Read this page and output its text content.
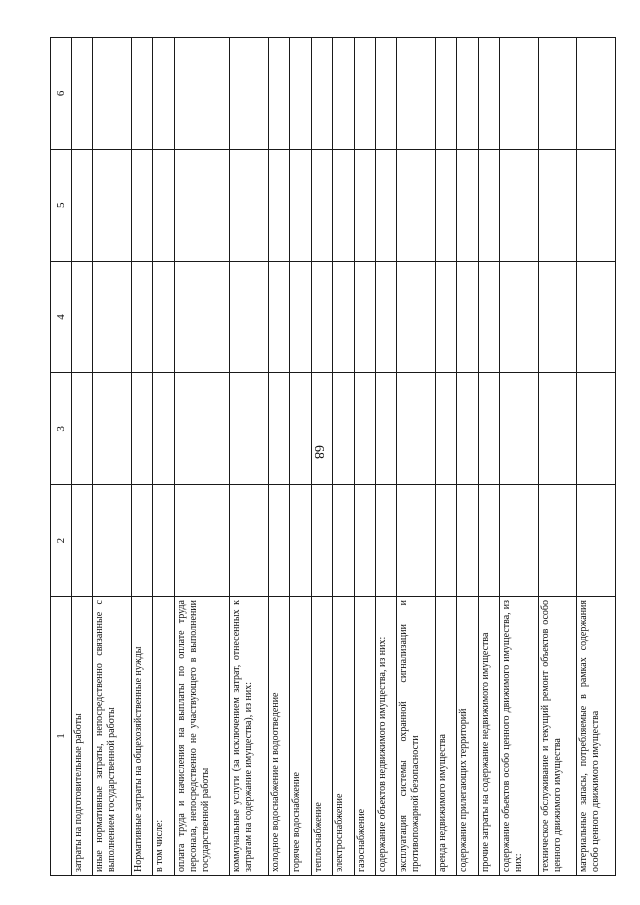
68
1	2	3	4	5	6
затраты на подготовительные работы					
иные нормативные затраты, непосредственно связанные с выполнением государственной работы					
Нормативные затраты на общехозяйственные нужды					
в том числе:					
оплата труда и начисления на выплаты по оплате труда персонала, непосредственно не участвующего в выполнении государственной работы					
коммунальные услуги (за исключением затрат, отнесенных к затратам на содержание имущества), из них:					
холодное водоснабжение и водоотведение					
горячее водоснабжение					
теплоснабжение					
электроснабжение					
газоснабжение					
содержание объектов недвижимого имущества, из них:					
эксплуатация системы охранной сигнализации и противопожарной безопасности					
аренда недвижимого имущества					
содержание прилегающих территорий					
прочие затраты на содержание недвижимого имущества					
содержание объектов особо ценного движимого имущества, из них:					
техническое обслуживание и текущий ремонт объектов особо ценного движимого имущества					
материальные запасы, потребляемые в рамках содержания особо ценного движимого имущества					
